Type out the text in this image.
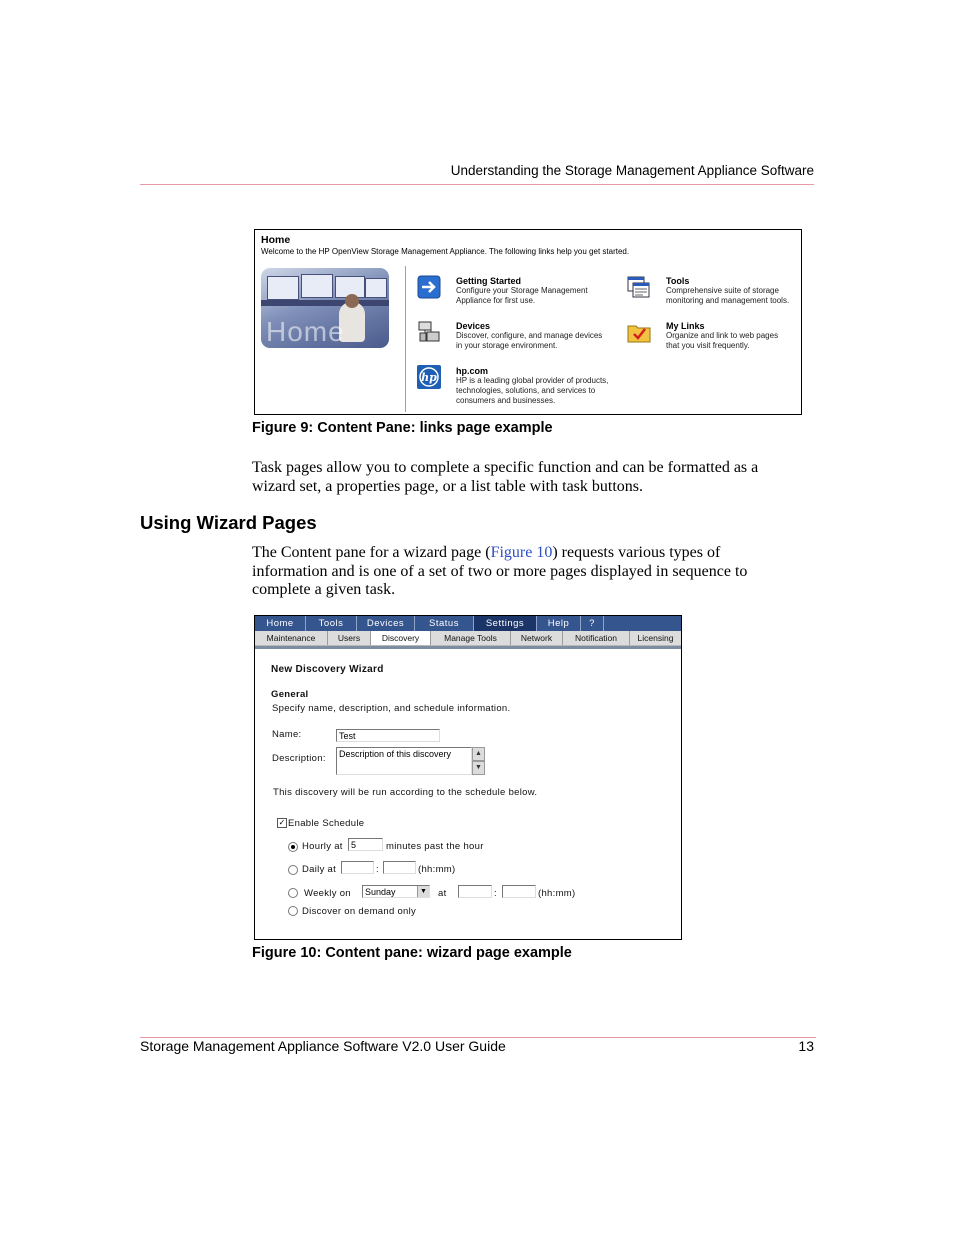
Understanding the Storage Management Appliance Software
Home
Welcome to the HP OpenView Storage Management Appliance. The following links help you get started.
Home
Getting Started
Configure your Storage Management
Appliance for first use.
Tools
Comprehensive suite of storage
monitoring and management tools.
Devices
Discover, configure, and manage devices
in your storage environment.
My Links
Organize and link to web pages
that you visit frequently.
hp hp.com
HP is a leading global provider of products,
technologies, solutions, and services to
consumers and businesses.
Figure 9: Content Pane: links page example
Task pages allow you to complete a specific function and can be formatted as a
wizard set, a properties page, or a list table with task buttons.
Using Wizard Pages
The Content pane for a wizard page (Figure 10) requests various types of
information and is one of a set of two or more pages displayed in sequence to
complete a given task.
Home	Tools	Devices	Status	Settings	Help	?
Maintenance	Users	Discovery	Manage Tools	Network	Notification	Licensing
New Discovery Wizard
General
Specify name, description, and schedule information.
Name:	Test
Description:	Description of this discovery	▲
▼
This discovery will be run according to the schedule below.
✓ Enable Schedule
Hourly at 5	minutes past the hour
Daily at	:	(hh:mm)
Weekly on	Sunday	▼ at	:	(hh:mm)
Discover on demand only
Figure 10: Content pane: wizard page example
Storage Management Appliance Software V2.0 User Guide	13
